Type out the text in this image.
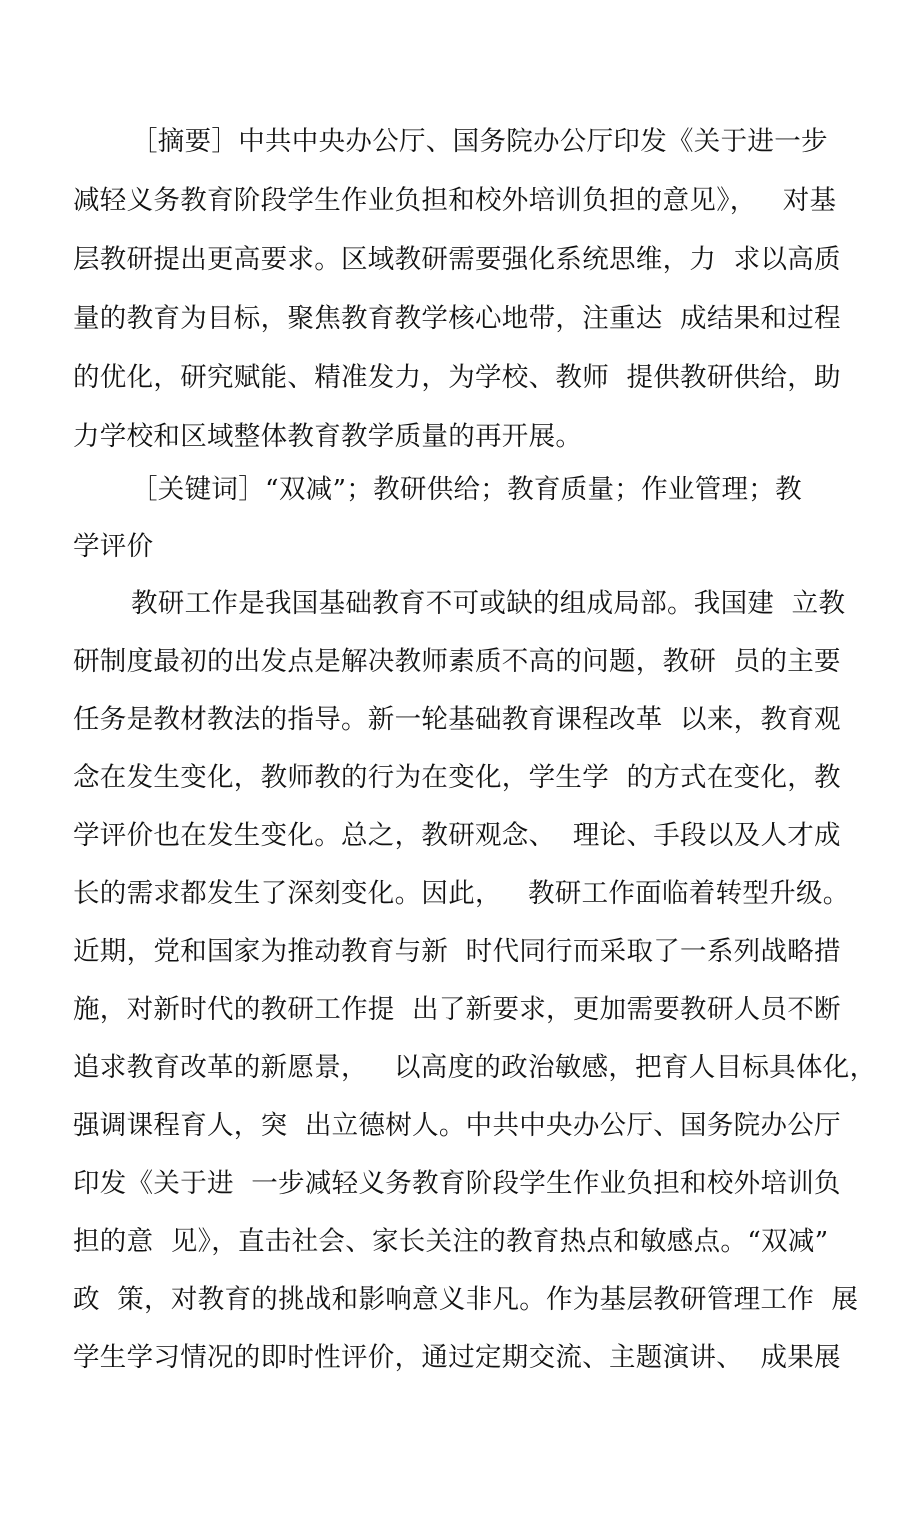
［摘要］中共中央办公厅、国务院办公厅印发《关于进一步
减轻义务教育阶段学生作业负担和校外培训负担的意见》，   对基
层教研提出更高要求。区域教研需要强化系统思维，力  求以高质
量的教育为目标，聚焦教育教学核心地带，注重达  成结果和过程
的优化，研究赋能、精准发力，为学校、教师  提供教研供给，助
力学校和区域整体教育教学质量的再开展。
［关键词］“双减”；教研供给；教育质量；作业管理；教
学评价
教研工作是我国基础教育不可或缺的组成局部。我国建  立教
研制度最初的出发点是解决教师素质不高的问题，教研  员的主要
任务是教材教法的指导。新一轮基础教育课程改革  以来，教育观
念在发生变化，教师教的行为在变化，学生学  的方式在变化，教
学评价也在发生变化。总之，教研观念、  理论、手段以及人才成
长的需求都发生了深刻变化。因此，   教研工作面临着转型升级。
近期，党和国家为推动教育与新  时代同行而采取了一系列战略措
施，对新时代的教研工作提  出了新要求，更加需要教研人员不断
追求教育改革的新愿景，   以高度的政治敏感，把育人目标具体化，
强调课程育人，突  出立德树人。中共中央办公厅、国务院办公厅
印发《关于进  一步减轻义务教育阶段学生作业负担和校外培训负
担的意  见》，直击社会、家长关注的教育热点和敏感点。“双减”
政  策，对教育的挑战和影响意义非凡。作为基层教研管理工作  展
学生学习情况的即时性评价，通过定期交流、主题演讲、  成果展
